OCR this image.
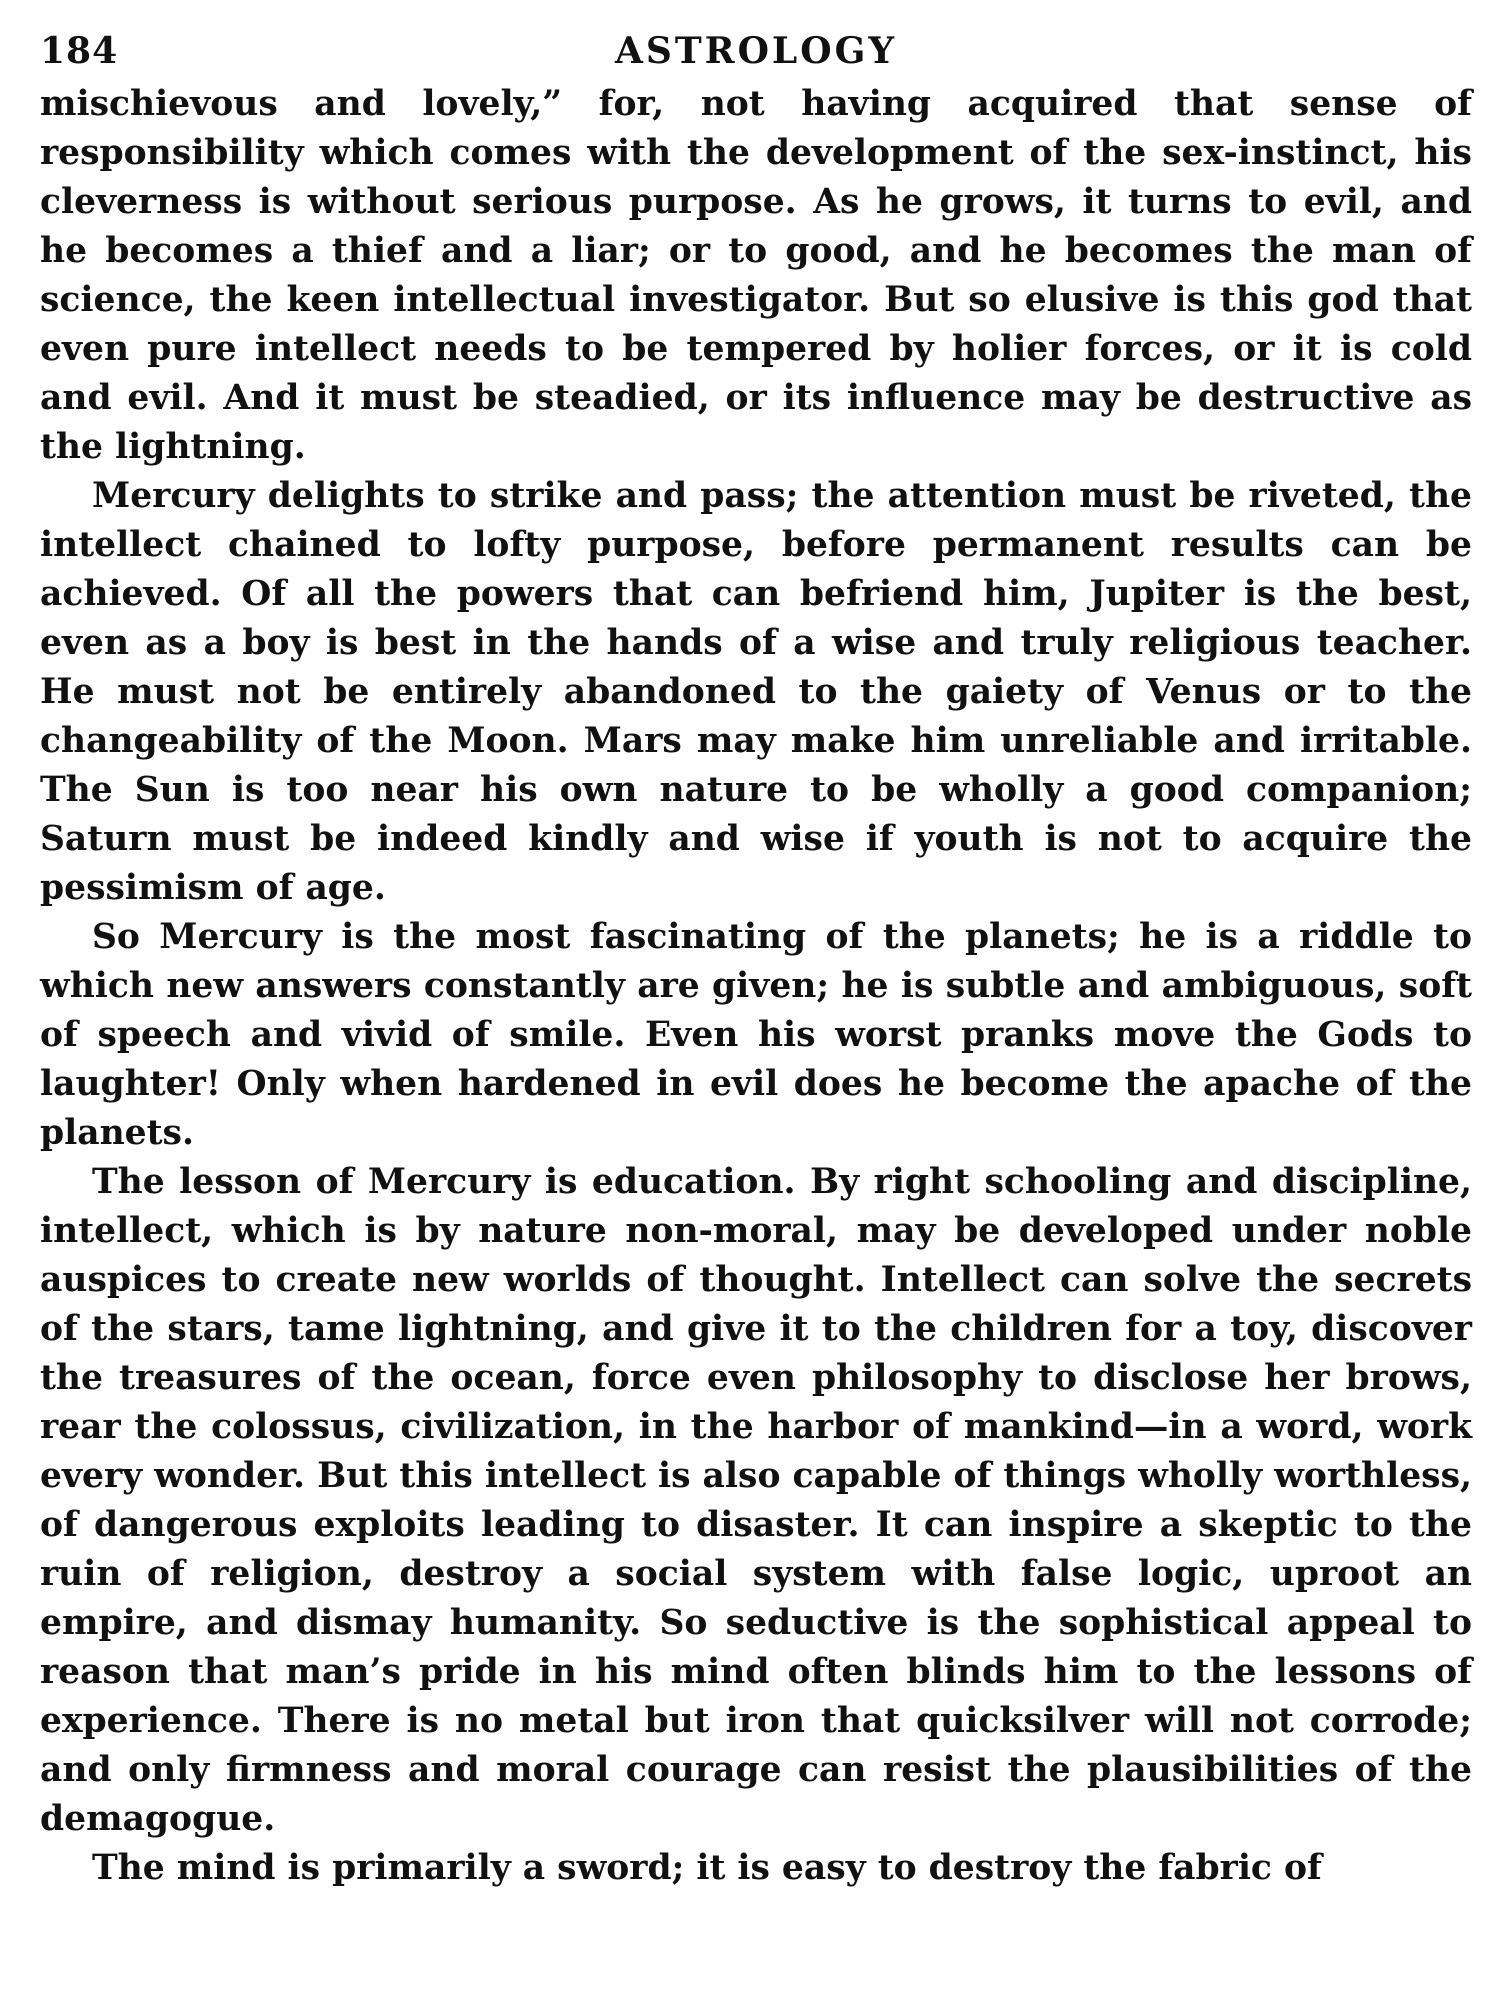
184	ASTROLOGY

mischievous and lovely,” for, not having acquired that sense of responsibility which comes with the development of the sex-instinct, his cleverness is without serious purpose. As he grows, it turns to evil, and he becomes a thief and a liar; or to good, and he becomes the man of science, the keen intellectual investigator. But so elusive is this god that even pure intellect needs to be tempered by holier forces, or it is cold and evil. And it must be steadied, or its influence may be destructive as the lightning.

Mercury delights to strike and pass; the attention must be riveted, the intellect chained to lofty purpose, before permanent results can be achieved. Of all the powers that can befriend him, Jupiter is the best, even as a boy is best in the hands of a wise and truly religious teacher. He must not be entirely abandoned to the gaiety of Venus or to the changeability of the Moon. Mars may make him unreliable and irritable. The Sun is too near his own nature to be wholly a good companion; Saturn must be indeed kindly and wise if youth is not to acquire the pessimism of age.

So Mercury is the most fascinating of the planets; he is a riddle to which new answers constantly are given; he is subtle and ambiguous, soft of speech and vivid of smile. Even his worst pranks move the Gods to laughter! Only when hardened in evil does he become the apache of the planets.

The lesson of Mercury is education. By right schooling and discipline, intellect, which is by nature non-moral, may be developed under noble auspices to create new worlds of thought. Intellect can solve the secrets of the stars, tame lightning, and give it to the children for a toy, discover the treasures of the ocean, force even philosophy to disclose her brows, rear the colossus, civilization, in the harbor of mankind—in a word, work every wonder. But this intellect is also capable of things wholly worthless, of dangerous exploits leading to disaster. It can inspire a skeptic to the ruin of religion, destroy a social system with false logic, uproot an empire, and dismay humanity. So seductive is the sophistical appeal to reason that man’s pride in his mind often blinds him to the lessons of experience. There is no metal but iron that quicksilver will not corrode; and only firmness and moral courage can resist the plausibilities of the demagogue.

The mind is primarily a sword; it is easy to destroy the fabric of
